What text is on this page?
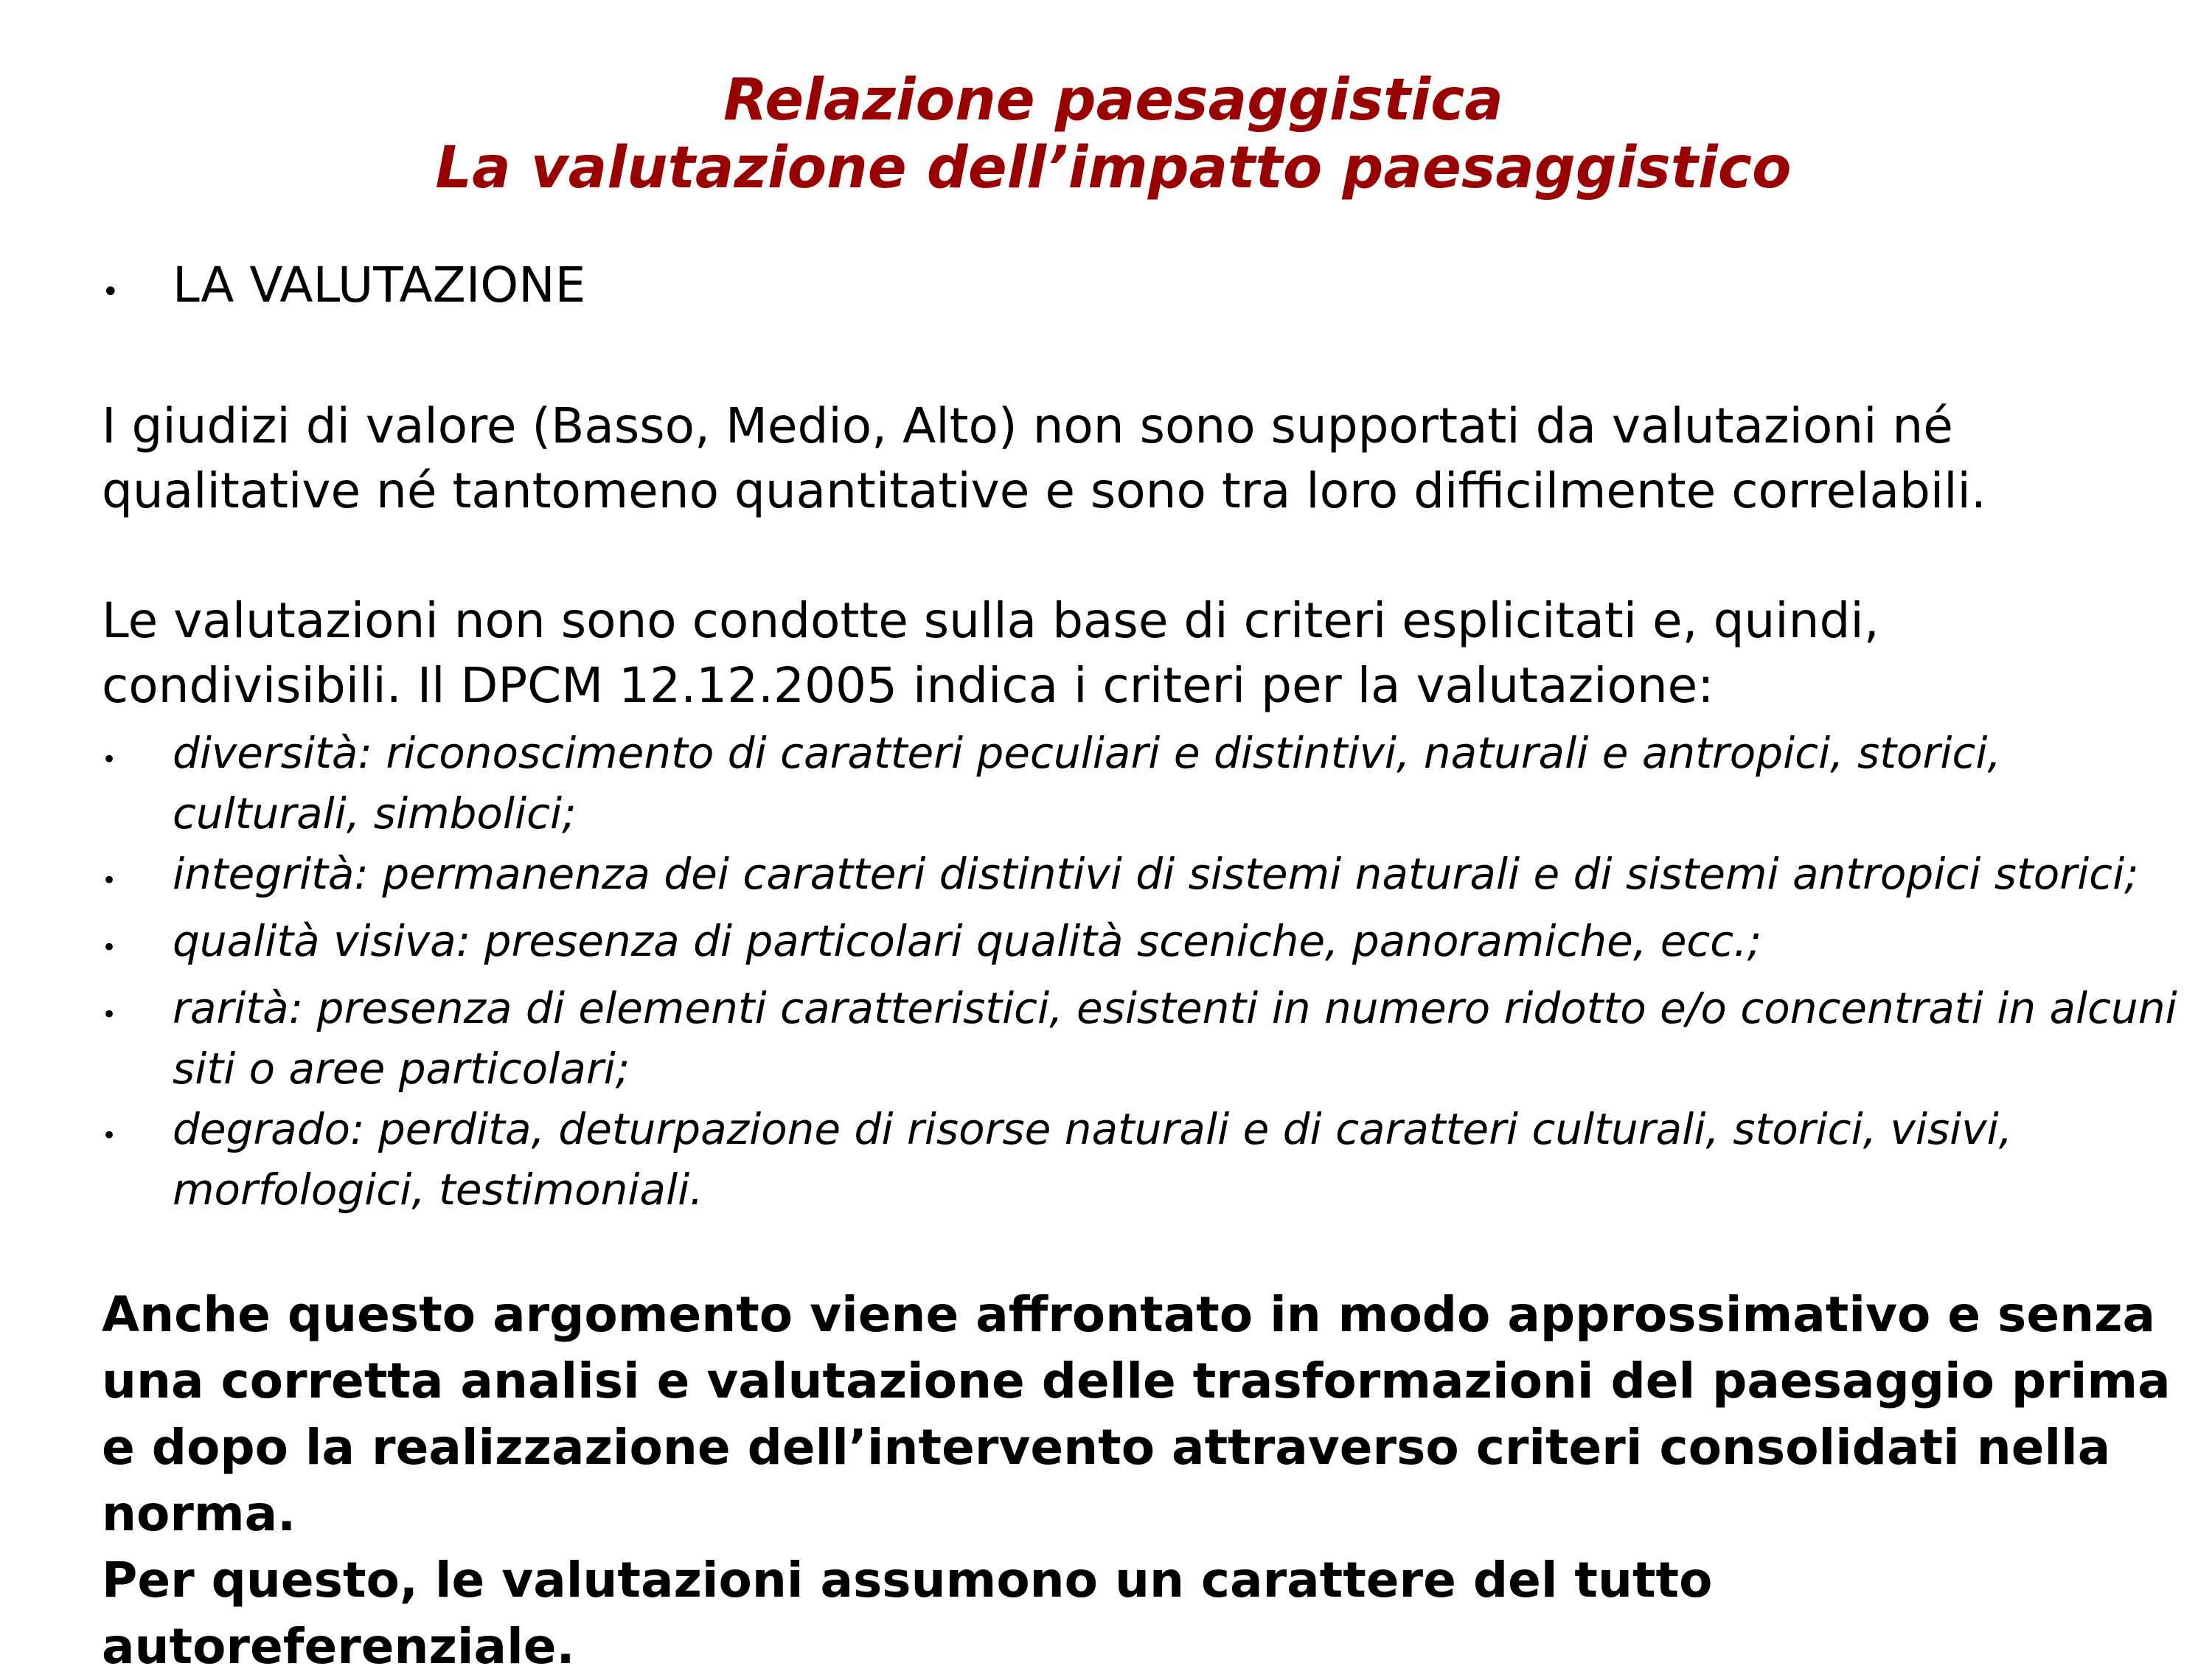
Relazione paesaggistica
La valutazione dell’impatto paesaggistico
•	LA VALUTAZIONE

I giudizi di valore (Basso, Medio, Alto) non sono supportati da valutazioni né qualitative né tantomeno quantitative e sono tra loro difficilmente correlabili.

Le valutazioni non sono condotte sulla base di criteri esplicitati e, quindi, condivisibili. Il DPCM 12.12.2005 indica i criteri per la valutazione:

•	diversità: riconoscimento di caratteri peculiari e distintivi, naturali e antropici, storici, culturali, simbolici;
•	integrità: permanenza dei caratteri distintivi di sistemi naturali e di sistemi antropici storici;
•	qualità visiva: presenza di particolari qualità sceniche, panoramiche, ecc.;
•	rarità: presenza di elementi caratteristici, esistenti in numero ridotto e/o concentrati in alcuni siti o aree particolari;
•	degrado: perdita, deturpazione di risorse naturali e di caratteri culturali, storici, visivi, morfologici, testimoniali.

Anche questo argomento viene affrontato in modo approssimativo e senza una corretta analisi e valutazione delle trasformazioni del paesaggio prima e dopo la realizzazione dell’intervento attraverso criteri consolidati nella norma.

Per questo, le valutazioni assumono un carattere del tutto autoreferenziale.
